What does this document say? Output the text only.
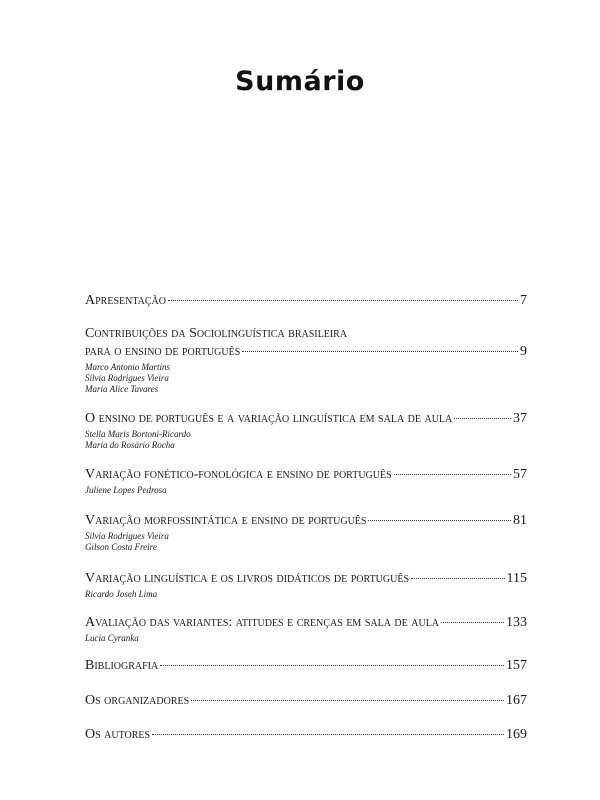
Sumário
Apresentação	7
Contribuições da Sociolinguística brasileira
para o ensino de português	9
Marco Antonio Martins
Silvia Rodrigues Vieira
Maria Alice Tavares
O ensino de português e a variação linguística em sala de aula	37
Stella Maris Bortoni-Ricardo
Maria do Rosário Rocha
Variação fonético-fonológica e ensino de português	57
Juliene Lopes Pedrosa
Variação morfossintática e ensino de português	81
Silvia Rodrigues Vieira
Gilson Costa Freire
Variação linguística e os livros didáticos de português	115
Ricardo Joseh Lima
Avaliação das variantes: atitudes e crenças em sala de aula	133
Lucia Cyranka
Bibliografia	157
Os organizadores	167
Os autores	169
